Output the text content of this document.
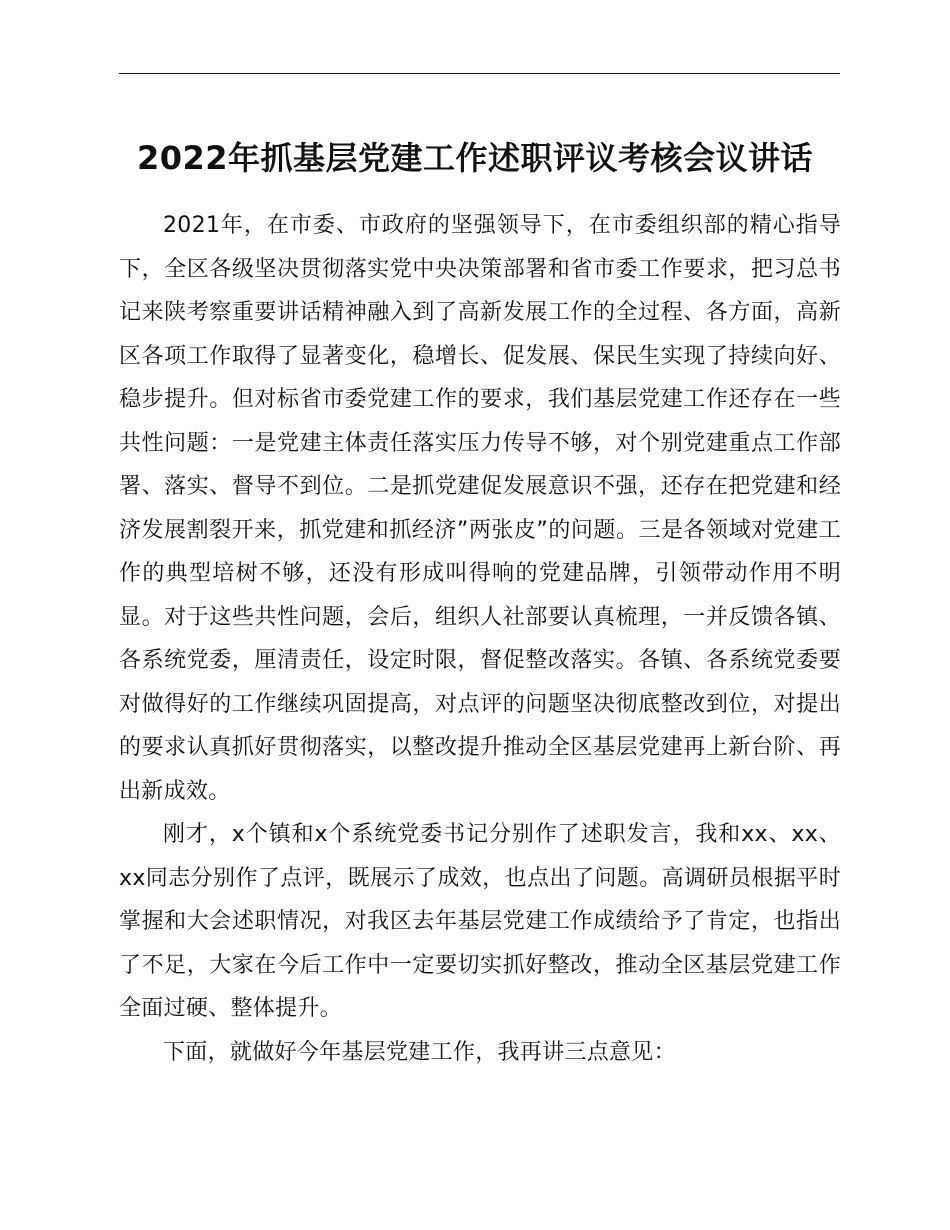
2022年抓基层党建工作述职评议考核会议讲话

2021年，在市委、市政府的坚强领导下，在市委组织部的精心指导下，全区各级坚决贯彻落实党中央决策部署和省市委工作要求，把习总书记来陕考察重要讲话精神融入到了高新发展工作的全过程、各方面，高新区各项工作取得了显著变化，稳增长、促发展、保民生实现了持续向好、稳步提升。但对标省市委党建工作的要求，我们基层党建工作还存在一些共性问题：一是党建主体责任落实压力传导不够，对个别党建重点工作部署、落实、督导不到位。二是抓党建促发展意识不强，还存在把党建和经济发展割裂开来，抓党建和抓经济”两张皮”的问题。三是各领域对党建工作的典型培树不够，还没有形成叫得响的党建品牌，引领带动作用不明显。对于这些共性问题，会后，组织人社部要认真梳理，一并反馈各镇、各系统党委，厘清责任，设定时限，督促整改落实。各镇、各系统党委要对做得好的工作继续巩固提高，对点评的问题坚决彻底整改到位，对提出的要求认真抓好贯彻落实，以整改提升推动全区基层党建再上新台阶、再出新成效。

刚才，x个镇和x个系统党委书记分别作了述职发言，我和xx、xx、xx同志分别作了点评，既展示了成效，也点出了问题。高调研员根据平时掌握和大会述职情况，对我区去年基层党建工作成绩给予了肯定，也指出了不足，大家在今后工作中一定要切实抓好整改，推动全区基层党建工作全面过硬、整体提升。

下面，就做好今年基层党建工作，我再讲三点意见：
